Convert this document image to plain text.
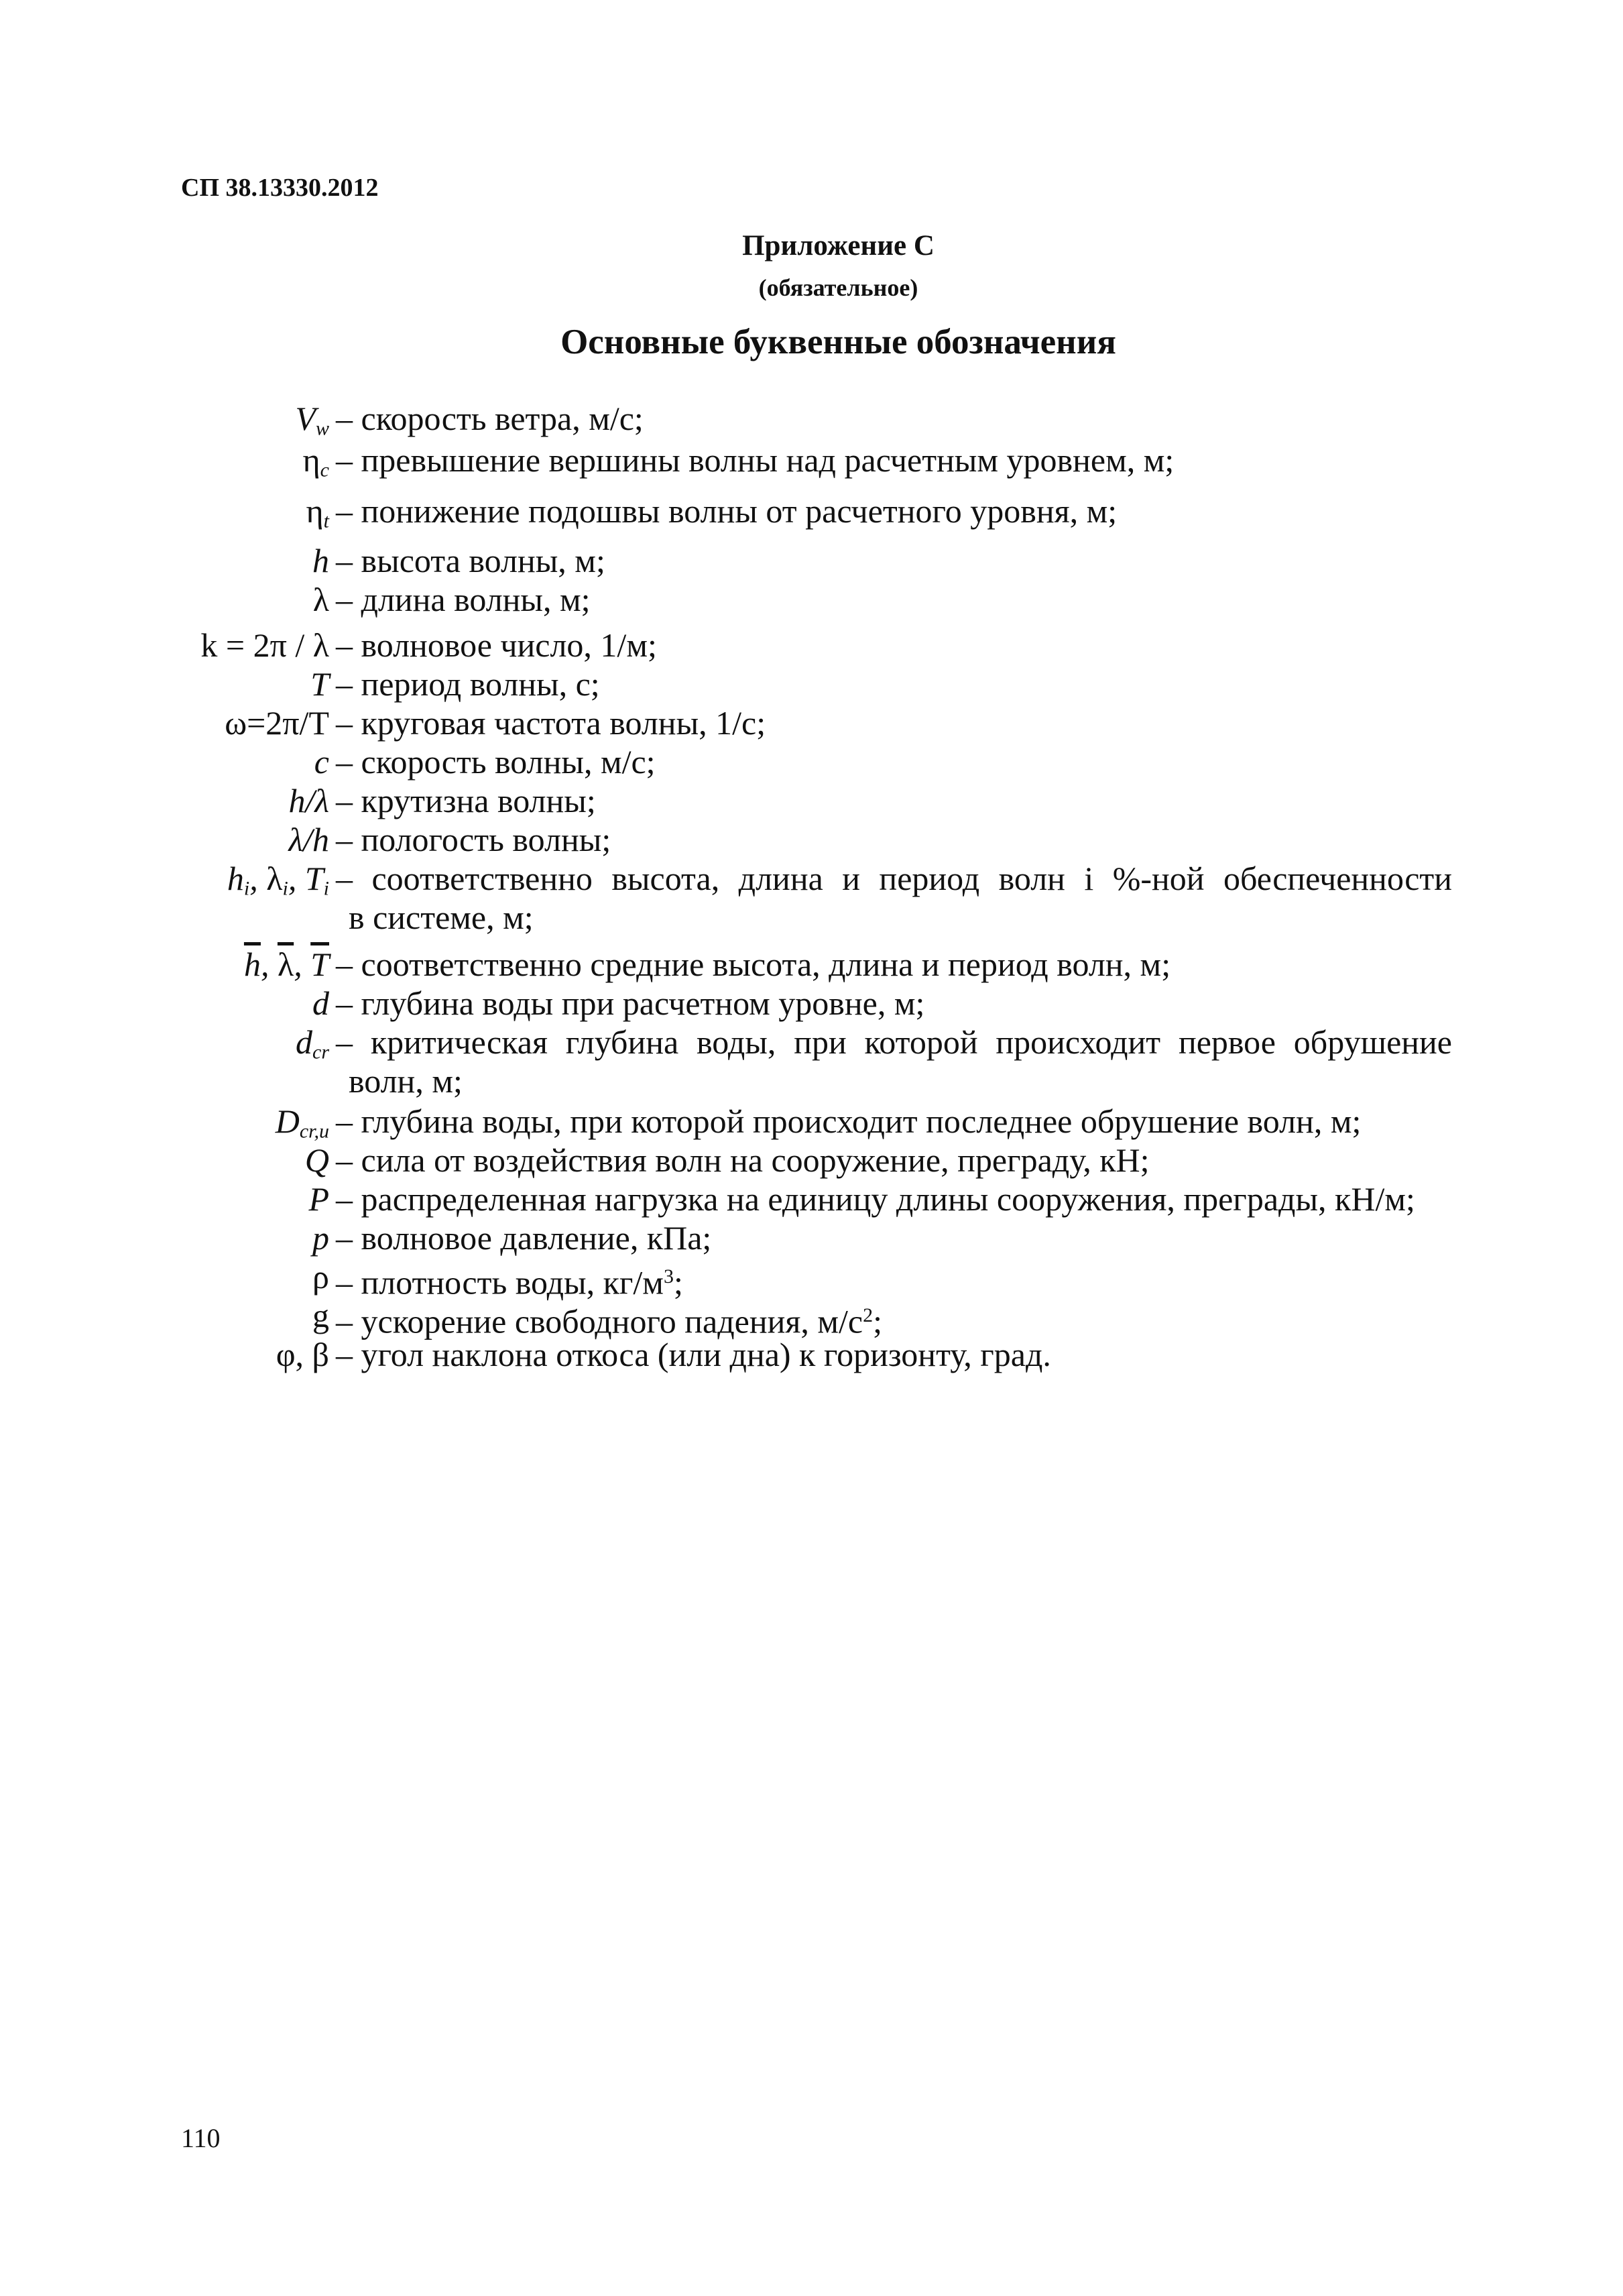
СП 38.13330.2012
Приложение С
(обязательное)
Основные буквенные обозначения
$V_w$ – скорость ветра, м/с;
$\eta_c$ – превышение вершины волны над расчетным уровнем, м;
$\eta_t$ – понижение подошвы волны от расчетного уровня, м;
h – высота волны, м;
λ – длина волны, м;
k = 2π / λ – волновое число, 1/м;
T – период волны, с;
ω=2π/T – круговая частота волны, 1/с;
c – скорость волны, м/с;
h/λ – крутизна волны;
λ/h – пологость волны;
$h_i$, $\lambda_i$, $T_i$ – соответственно высота, длина и период волн i %-ной обеспеченности
в системе, м;
$\overline{h}$, $\overline{\lambda}$, $\overline{T}$ – соответственно средние высота, длина и период волн, м;
d – глубина воды при расчетном уровне, м;
$d_{cr}$ – критическая глубина воды, при которой происходит первое обрушение
волн, м;
$D_{cr,u}$ – глубина воды, при которой происходит последнее обрушение волн, м;
Q – сила от воздействия волн на сооружение, преграду, кН;
P – распределенная нагрузка на единицу длины сооружения, преграды, кН/м;
p – волновое давление, кПа;
ρ – плотность воды, $кг/м^3$;
g – ускорение свободного падения, $м/с^2$;
φ, β – угол наклона откоса (или дна) к горизонту, град.
110
